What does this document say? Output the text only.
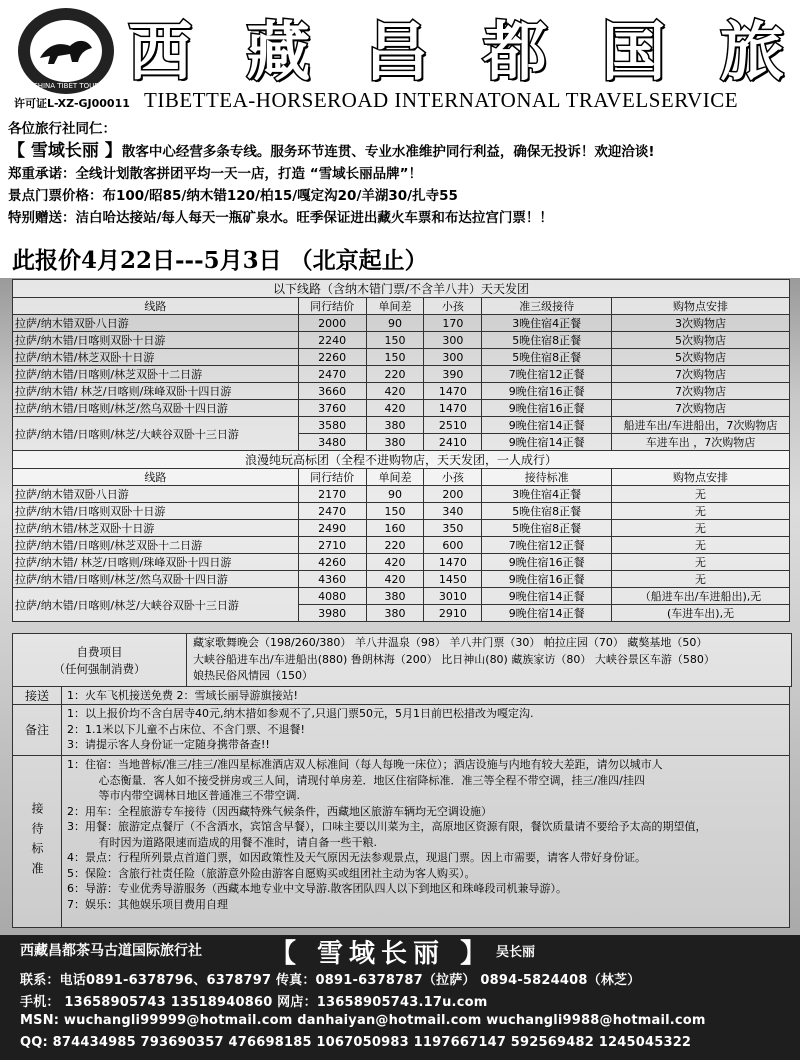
CHINA TIBET TOUR 西 藏 昌 都 国 旅
许可证L-XZ-GJ00011 TIBETTEA-HORSEROAD INTERNATONAL TRAVELSERVICE
各位旅行社同仁：
【 雪域长丽 】散客中心经营多条专线。服务环节连贯、专业水准维护同行利益，确保无投诉！欢迎洽谈!
郑重承诺：全线计划散客拼团平均一天一店，打造 “雪域长丽品牌”！
景点门票价格：布100/昭85/纳木错120/柏15/嘎定沟20/羊湖30/扎寺55
特别赠送：洁白哈达接站/每人每天一瓶矿泉水。旺季保证进出藏火车票和布达拉宫门票！！
此报价4月22日---5月3日 （北京起止）
以下线路（含纳木错门票/不含羊八井）天天发团					
线路	同行结价	单间差	小孩	准三级接待	购物点安排
拉萨/纳木错双卧八日游	2000	90	170	3晚住宿4正餐	3次购物店
拉萨/纳木错/日喀则双卧十日游	2240	150	300	5晚住宿8正餐	5次购物店
拉萨/纳木错/林芝双卧十日游	2260	150	300	5晚住宿8正餐	5次购物店
拉萨/纳木错/日喀则/林芝双卧十二日游	2470	220	390	7晚住宿12正餐	7次购物店
拉萨/纳木错/ 林芝/日喀则/珠峰双卧十四日游	3660	420	1470	9晚住宿16正餐	7次购物店
拉萨/纳木错/日喀则/林芝/然乌双卧十四日游	3760	420	1470	9晚住宿16正餐	7次购物店
拉萨/纳木错/日喀则/林芝/大峡谷双卧十三日游	3580	380	2510	9晚住宿14正餐	船进车出/车进船出，7次购物店
	3480	380	2410	9晚住宿14正餐	车进车出 ，7次购物店
浪漫纯玩高标团（全程不进购物店，天天发团，一人成行）					
线路	同行结价	单间差	小孩	接待标准	购物点安排
拉萨/纳木错双卧八日游	2170	90	200	3晚住宿4正餐	无
拉萨/纳木错/日喀则双卧十日游	2470	150	340	5晚住宿8正餐	无
拉萨/纳木错/林芝双卧十日游	2490	160	350	5晚住宿8正餐	无
拉萨/纳木错/日喀则/林芝双卧十二日游	2710	220	600	7晚住宿12正餐	无
拉萨/纳木错/ 林芝/日喀则/珠峰双卧十四日游	4260	420	1470	9晚住宿16正餐	无
拉萨/纳木错/日喀则/林芝/然乌双卧十四日游	4360	420	1450	9晚住宿16正餐	无
拉萨/纳木错/日喀则/林芝/大峡谷双卧十三日游	4080	380	3010	9晚住宿14正餐	（船进车出/车进船出),无
	3980	380	2910	9晚住宿14正餐	(车进车出),无
自费项目
（任何强制消费）
藏家歌舞晚会（198/260/380） 羊八井温泉（98） 羊八井门票（30） 帕拉庄园（70） 藏獒基地（50）
大峡谷船进车出/车进船出(880) 鲁朗林海（200） 比日神山(80) 藏族家访（80） 大峡谷景区车游（580）
娘热民俗风情园（150）
接送	1：火车飞机接送免费 2：雪域长丽导游旗接站!
备注
1：以上报价均不含白居寺40元,纳木措如参观不了,只退门票50元，5月1日前巴松措改为嘎定沟.
2：1.1米以下儿童不占床位、不含门票、不退餐!
3：请提示客人身份证一定随身携带备查!!
接待标准
1：住宿：当地普标/准三/挂三/准四星标准酒店双人标准间（每人每晚一床位）；酒店设施与内地有较大差距，请勿以城市人
心态衡量．客人如不接受拼房或三人间，请现付单房差．地区住宿降标准．准三等全程不带空调，挂三/准四/挂四
等市内带空调林日地区普通准三不带空调.
2：用车：全程旅游专车接待（因西藏特殊气候条件，西藏地区旅游车辆均无空调设施）
3：用餐：旅游定点餐厅（不含酒水，宾馆含早餐），口味主要以川菜为主，高原地区资源有限，餐饮质量请不要给予太高的期望值，
有时因为道路限速而造成的用餐不准时，请自备一些干粮.
4：景点：行程所列景点首道门票，如因政策性及天气原因无法参观景点，现退门票。因上市需要，请客人带好身份证。
5：保险：含旅行社责任险（旅游意外险由游客自愿购买或组团社主动为客人购买）。
6：导游：专业优秀导游服务（西藏本地专业中文导游.散客团队四人以下到地区和珠峰段司机兼导游）。
7：娱乐：其他娱乐项目费用自理
西藏昌都茶马古道国际旅行社	【 雪域长丽 】 吴长丽
联系：电话0891-6378796、6378797 传真：0891-6378787（拉萨） 0894-5824408（林芝）
手机： 13658905743 13518940860 网店：13658905743.17u.com
MSN: wuchangli99999@hotmail.com danhaiyan@hotmail.com wuchangli9988@hotmail.com
QQ: 874434985 793690357 476698185 1067050983 1197667147 592569482 1245045322
